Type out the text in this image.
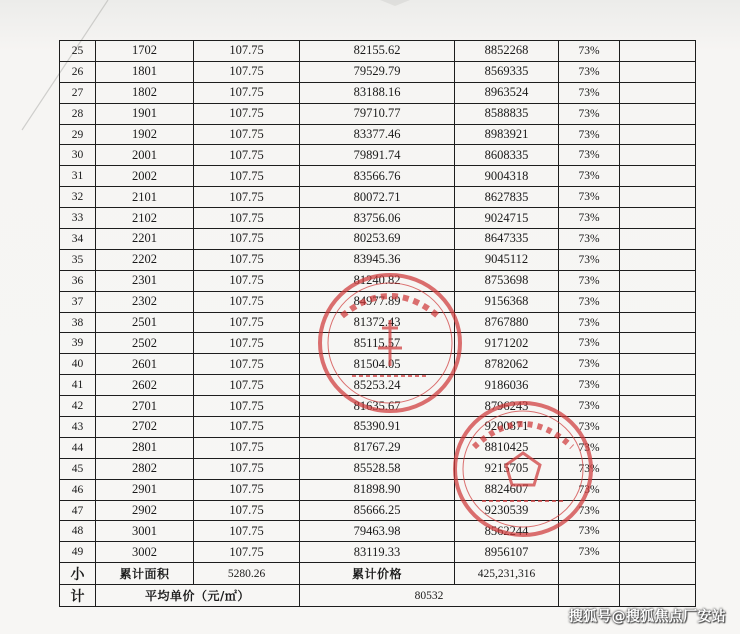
25	1702	107.75	82155.62	8852268	73%	
26	1801	107.75	79529.79	8569335	73%	
27	1802	107.75	83188.16	8963524	73%	
28	1901	107.75	79710.77	8588835	73%	
29	1902	107.75	83377.46	8983921	73%	
30	2001	107.75	79891.74	8608335	73%	
31	2002	107.75	83566.76	9004318	73%	
32	2101	107.75	80072.71	8627835	73%	
33	2102	107.75	83756.06	9024715	73%	
34	2201	107.75	80253.69	8647335	73%	
35	2202	107.75	83945.36	9045112	73%	
36	2301	107.75	81240.82	8753698	73%	
37	2302	107.75	84977.89	9156368	73%	
38	2501	107.75	81372.43	8767880	73%	
39	2502	107.75	85115.57	9171202	73%	
40	2601	107.75	81504.05	8782062	73%	
41	2602	107.75	85253.24	9186036	73%	
42	2701	107.75	81635.67	8796243	73%	
43	2702	107.75	85390.91	9200871	73%	
44	2801	107.75	81767.29	8810425	73%	
45	2802	107.75	85528.58	9215705	73%	
46	2901	107.75	81898.90	8824607	73%	
47	2902	107.75	85666.25	9230539	73%	
48	3001	107.75	79463.98	8562244	73%	
49	3002	107.75	83119.33	8956107	73%	
小	累计面积	5280.26	累计价格	425,231,316		
计	平均单价（元/㎡）		80532			
搜狐号@搜狐焦点厂安站
